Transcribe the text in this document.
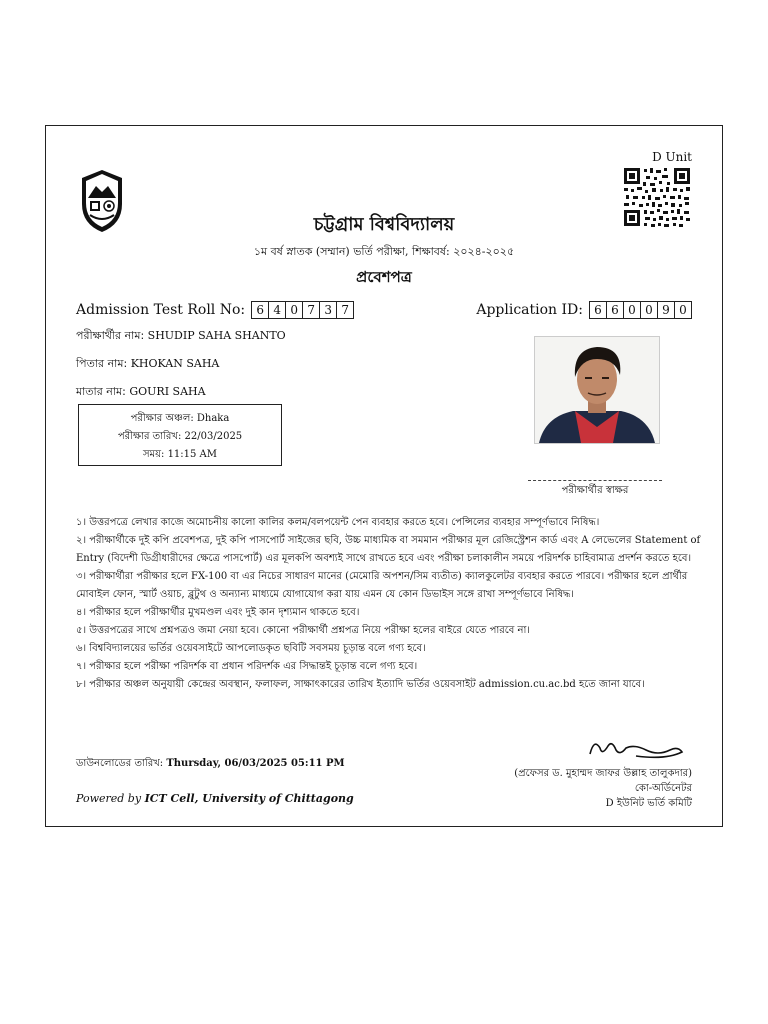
D Unit
চট্টগ্রাম বিশ্ববিদ্যালয়
১ম বর্ষ স্নাতক (সম্মান) ভর্তি পরীক্ষা, শিক্ষাবর্ষ: ২০২৪-২০২৫
প্রবেশপত্র
Admission Test Roll No: 6 4 0 7 3 7	Application ID: 6 6 0 0 9 0
পরীক্ষার্থীর নাম: SHUDIP SAHA SHANTO
পিতার নাম: KHOKAN SAHA
মাতার নাম: GOURI SAHA
পরীক্ষার অঞ্চল: Dhaka
পরীক্ষার তারিখ: 22/03/2025
সময়: 11:15 AM
পরীক্ষার্থীর স্বাক্ষর

১। উত্তরপত্রে লেখার কাজে অমোচনীয় কালো কালির কলম/বলপয়েন্ট পেন ব্যবহার করতে হবে। পেন্সিলের ব্যবহার সম্পূর্ণভাবে নিষিদ্ধ।

২। পরীক্ষার্থীকে দুই কপি প্রবেশপত্র, দুই কপি পাসপোর্ট সাইজের ছবি, উচ্চ মাধ্যমিক বা সমমান পরীক্ষার মূল রেজিস্ট্রেশন কার্ড এবং A লেভেলের Statement of Entry (বিদেশী ডিগ্রীধারীদের ক্ষেত্রে পাসপোর্ট) এর মূলকপি অবশ্যই সাথে রাখতে হবে এবং পরীক্ষা চলাকালীন সময়ে পরিদর্শক চাহিবামাত্র প্রদর্শন করতে হবে।

৩। পরীক্ষার্থীরা পরীক্ষার হলে FX-100 বা এর নিচের সাধারণ মানের (মেমোরি অপশন/সিম ব্যতীত) ক্যালকুলেটর ব্যবহার করতে পারবে। পরীক্ষার হলে প্রার্থীর মোবাইল ফোন, স্মার্ট ওয়াচ, ব্লুটুথ ও অন্যান্য মাধ্যমে যোগাযোগ করা যায় এমন যে কোন ডিভাইস সঙ্গে রাখা সম্পূর্ণভাবে নিষিদ্ধ।

৪। পরীক্ষার হলে পরীক্ষার্থীর মুখমণ্ডল এবং দুই কান দৃশ্যমান থাকতে হবে।

৫। উত্তরপত্রের সাথে প্রশ্নপত্রও জমা নেয়া হবে। কোনো পরীক্ষার্থী প্রশ্নপত্র নিয়ে পরীক্ষা হলের বাইরে যেতে পারবে না।

৬। বিশ্ববিদ্যালয়ের ভর্তির ওয়েবসাইটে আপলোডকৃত ছবিটি সবসময় চূড়ান্ত বলে গণ্য হবে।

৭। পরীক্ষার হলে পরীক্ষা পরিদর্শক বা প্রধান পরিদর্শক এর সিদ্ধান্তই চূড়ান্ত বলে গণ্য হবে।

৮। পরীক্ষার অঞ্চল অনুযায়ী কেন্দ্রের অবস্থান, ফলাফল, সাক্ষাৎকারের তারিখ ইত্যাদি ভর্তির ওয়েবসাইট admission.cu.ac.bd হতে জানা যাবে।

ডাউনলোডের তারিখ: Thursday, 06/03/2025 05:11 PM
Powered by ICT Cell, University of Chittagong
(প্রফেসর ড. মুহাম্মদ জাফর উল্লাহ তালুকদার)
কো-অর্ডিনেটর
D ইউনিট ভর্তি কমিটি
